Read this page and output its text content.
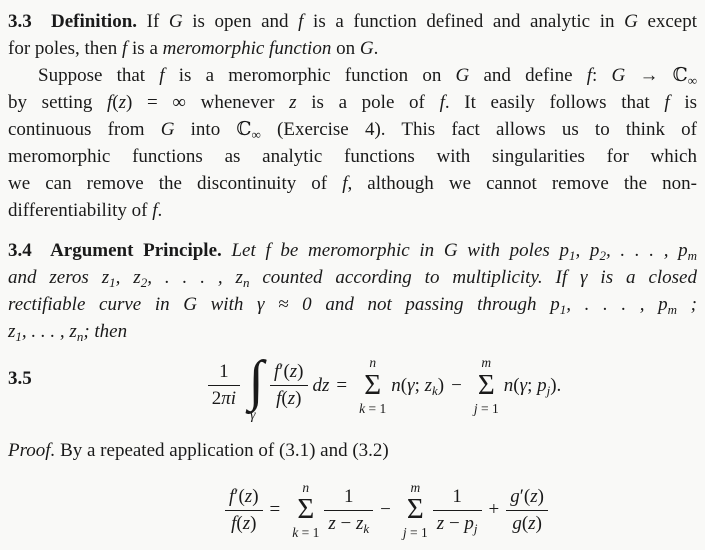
3.3  Definition. If G is open and f is a function defined and analytic in G except
for poles, then f is a meromorphic function on G.
Suppose that f is a meromorphic function on G and define f: G → ℂ$_\infty$
by setting f(z) = ∞ whenever z is a pole of f. It easily follows that f is
continuous from G into ℂ$_\infty$ (Exercise 4). This fact allows us to think of
meromorphic functions as analytic functions with singularities for which
we can remove the discontinuity of f, although we cannot remove the non-
differentiability of f.
3.4  Argument Principle. Let f be meromorphic in G with poles $p_1$, $p_2$, . . . , $p_m$
and zeros $z_1$, $z_2$, . . . , $z_n$ counted according to multiplicity. If γ is a closed
rectifiable curve in G with γ ≈ 0 and not passing through $p_1$, . . . , $p_m$ ;
$z_1$, . . . , $z_n$; then
3.5	$\frac{1}{2\pi i}$ ∫
γ
$\frac{f'(z)}{f(z)}$ dz =
n
Σ
k = 1
n(γ; $z_k$) −
m
Σ
j = 1
n(γ; $p_j$).
Proof. By a repeated application of (3.1) and (3.2)
$\frac{f'(z)}{f(z)}$ =
n
Σ
$k = 1 \frac{1}{z - z_k}$ −
m
Σ
$j = 1 \frac{1}{z - p_j} + \frac{g'(z)}{g(z)}$
